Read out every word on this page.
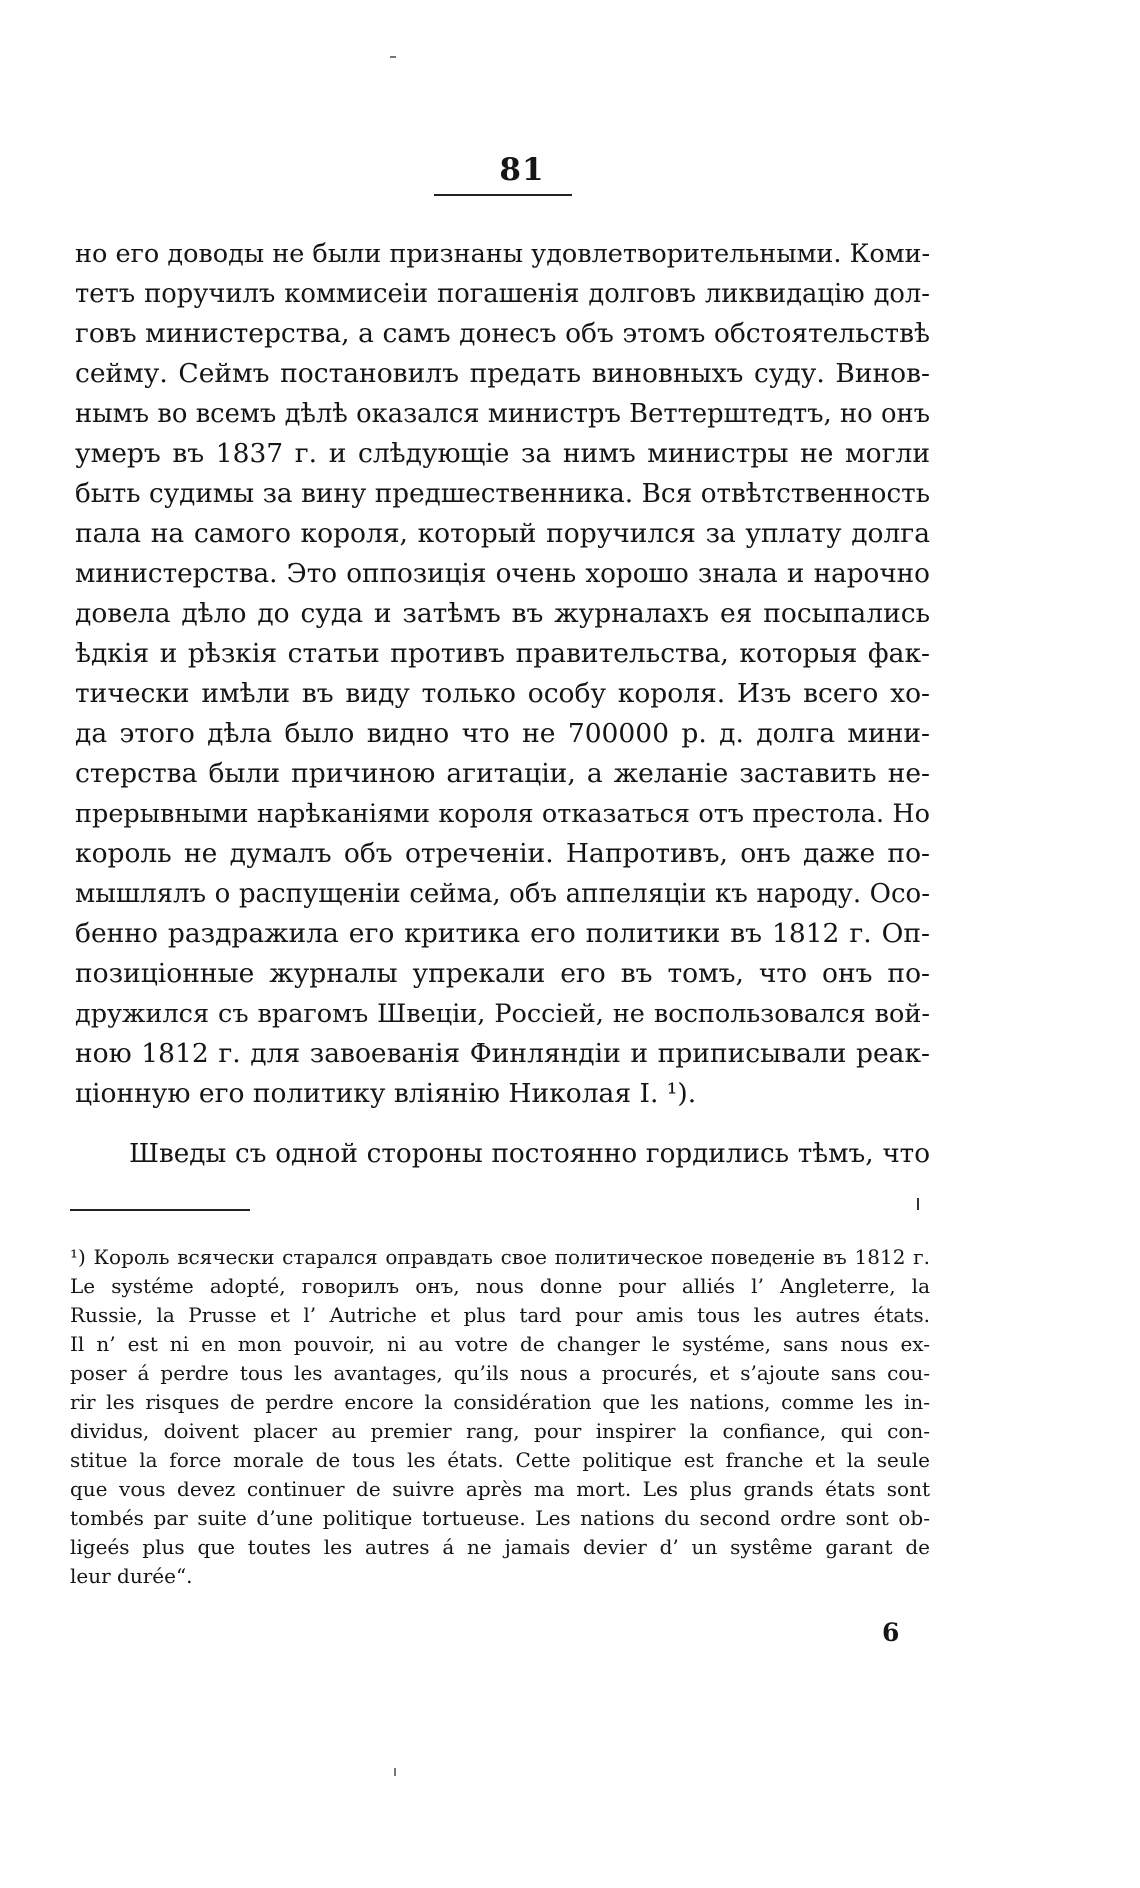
81
но его доводы не были признаны удовлетворительными. Коми-
тетъ поручилъ коммисеіи погашенія долговъ ликвидацію дол-
говъ министерства, а самъ донесъ объ этомъ обстоятельствѣ
сейму. Сеймъ постановилъ предать виновныхъ суду. Винов-
нымъ во всемъ дѣлѣ оказался министръ Веттерштедтъ, но онъ
умеръ въ 1837 г. и слѣдующіе за нимъ министры не могли
быть судимы за вину предшественника. Вся отвѣтственность
пала на самого короля, который поручился за уплату долга
министерства. Это оппозиція очень хорошо знала и нарочно
довела дѣло до суда и затѣмъ въ журналахъ ея посыпались
ѣдкія и рѣзкія статьи противъ правительства, которыя фак-
тически имѣли въ виду только особу короля. Изъ всего хо-
да этого дѣла было видно что не 700000 р. д. долга мини-
стерства были причиною агитаціи, а желаніе заставить не-
прерывными нарѣканіями короля отказаться отъ престола. Но
король не думалъ объ отреченіи. Напротивъ, онъ даже по-
мышлялъ о распущеніи сейма, объ аппеляціи къ народу. Осо-
бенно раздражила его критика его политики въ 1812 г. Оп-
позиціонные журналы упрекали его въ томъ, что онъ по-
дружился съ врагомъ Швеціи, Россіей, не воспользовался вой-
ною 1812 г. для завоеванія Финляндіи и приписывали реак-
ціонную его политику вліянію Николая I. ¹).
Шведы съ одной стороны постоянно гордились тѣмъ, что
¹) Король всячески старался оправдать свое политическое поведеніе въ 1812 г.
Le systéme adopté, говорилъ онъ, nous donne pour alliés l’ Angleterre, la
Russie, la Prusse et l’ Autriche et plus tard pour amis tous les autres états.
Il n’ est ni en mon pouvoir, ni au votre de changer le systéme, sans nous ex-
poser á perdre tous les avantages, qu’ils nous a procurés, et s’ajoute sans cou-
rir les risques de perdre encore la considération que les nations, comme les in-
dividus, doivent placer au premier rang, pour inspirer la confiance, qui con-
stitue la force morale de tous les états. Cette politique est franche et la seule
que vous devez continuer de suivre après ma mort. Les plus grands états sont
tombés par suite d’une politique tortueuse. Les nations du second ordre sont ob-
ligeés plus que toutes les autres á ne jamais devier d’ un systême garant de
leur durée“.
6
